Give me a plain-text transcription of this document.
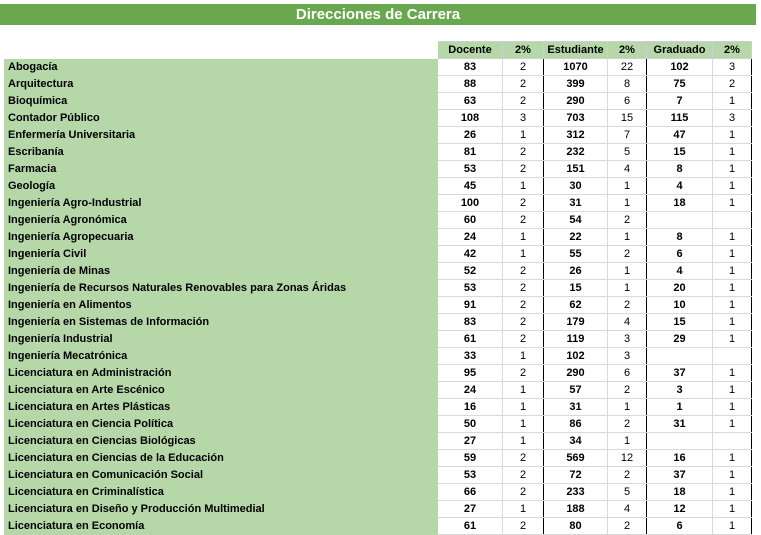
Direcciones de Carrera
	Docente	2%	Estudiante	2%	Graduado	2%
Abogacía	83	2	1070	22	102	3
Arquitectura	88	2	399	8	75	2
Bioquímica	63	2	290	6	7	1
Contador Público	108	3	703	15	115	3
Enfermería Universitaria	26	1	312	7	47	1
Escribanía	81	2	232	5	15	1
Farmacia	53	2	151	4	8	1
Geología	45	1	30	1	4	1
Ingeniería Agro-Industrial	100	2	31	1	18	1
Ingeniería Agronómica	60	2	54	2		
Ingeniería Agropecuaria	24	1	22	1	8	1
Ingeniería Civil	42	1	55	2	6	1
Ingeniería de Minas	52	2	26	1	4	1
Ingeniería de Recursos Naturales Renovables para Zonas Áridas	53	2	15	1	20	1
Ingeniería en Alimentos	91	2	62	2	10	1
Ingeniería en Sistemas de Información	83	2	179	4	15	1
Ingeniería Industrial	61	2	119	3	29	1
Ingeniería Mecatrónica	33	1	102	3		
Licenciatura en Administración	95	2	290	6	37	1
Licenciatura en Arte Escénico	24	1	57	2	3	1
Licenciatura en Artes Plásticas	16	1	31	1	1	1
Licenciatura en Ciencia Política	50	1	86	2	31	1
Licenciatura en Ciencias Biológicas	27	1	34	1		
Licenciatura en Ciencias de la Educación	59	2	569	12	16	1
Licenciatura en Comunicación Social	53	2	72	2	37	1
Licenciatura en Criminalística	66	2	233	5	18	1
Licenciatura en Diseño y Producción Multimedial	27	1	188	4	12	1
Licenciatura en Economía	61	2	80	2	6	1
